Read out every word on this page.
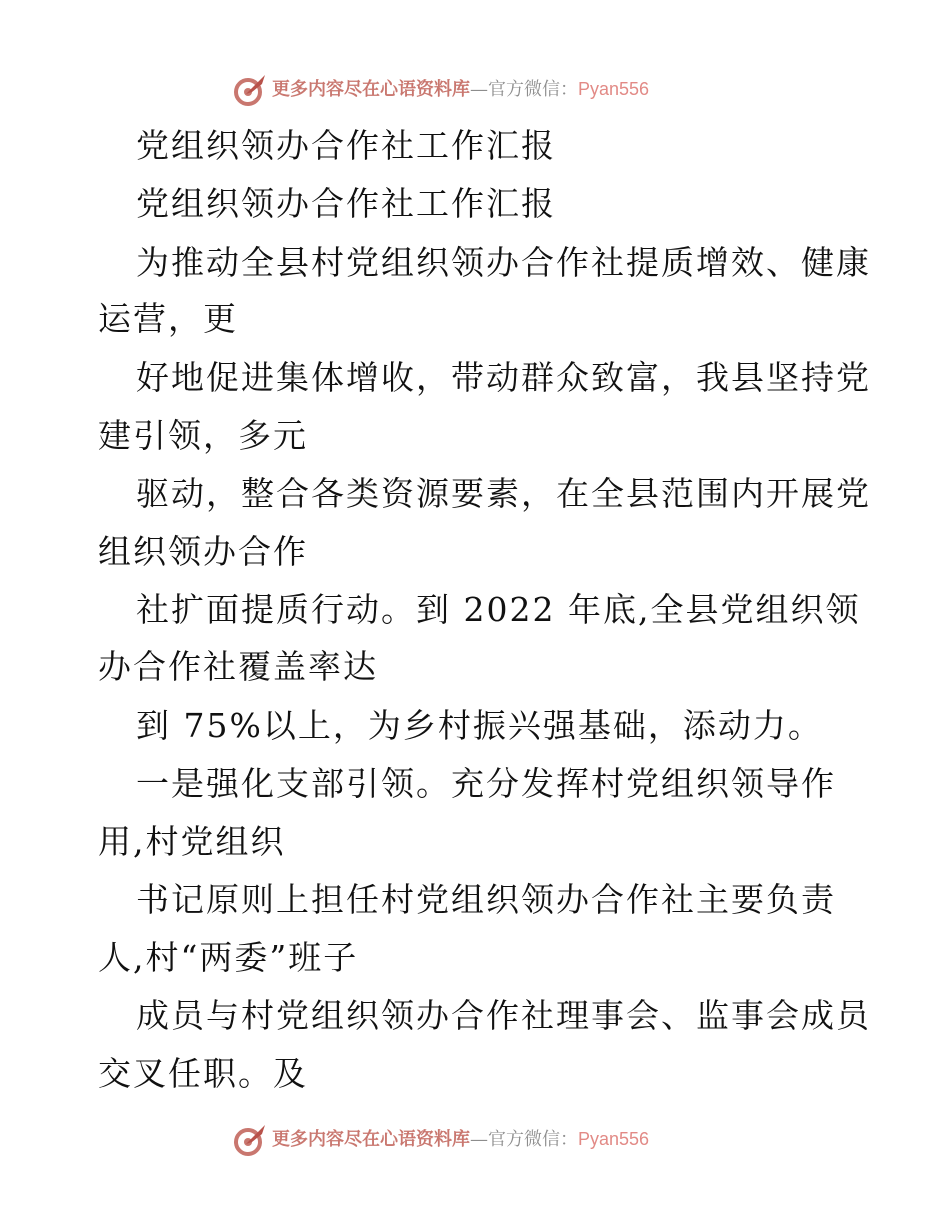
更多内容尽在心语资料库—官方微信：Pyan556
党组织领办合作社工作汇报
党组织领办合作社工作汇报
为推动全县村党组织领办合作社提质增效、健康
运营，更
好地促进集体增收，带动群众致富，我县坚持党
建引领，多元
驱动，整合各类资源要素，在全县范围内开展党
组织领办合作
社扩面提质行动。到 2022 年底,全县党组织领
办合作社覆盖率达
到 75%以上，为乡村振兴强基础，添动力。
一是强化支部引领。充分发挥村党组织领导作
用,村党组织
书记原则上担任村党组织领办合作社主要负责
人,村“两委”班子
成员与村党组织领办合作社理事会、监事会成员
交叉任职。及
更多内容尽在心语资料库—官方微信：Pyan556
